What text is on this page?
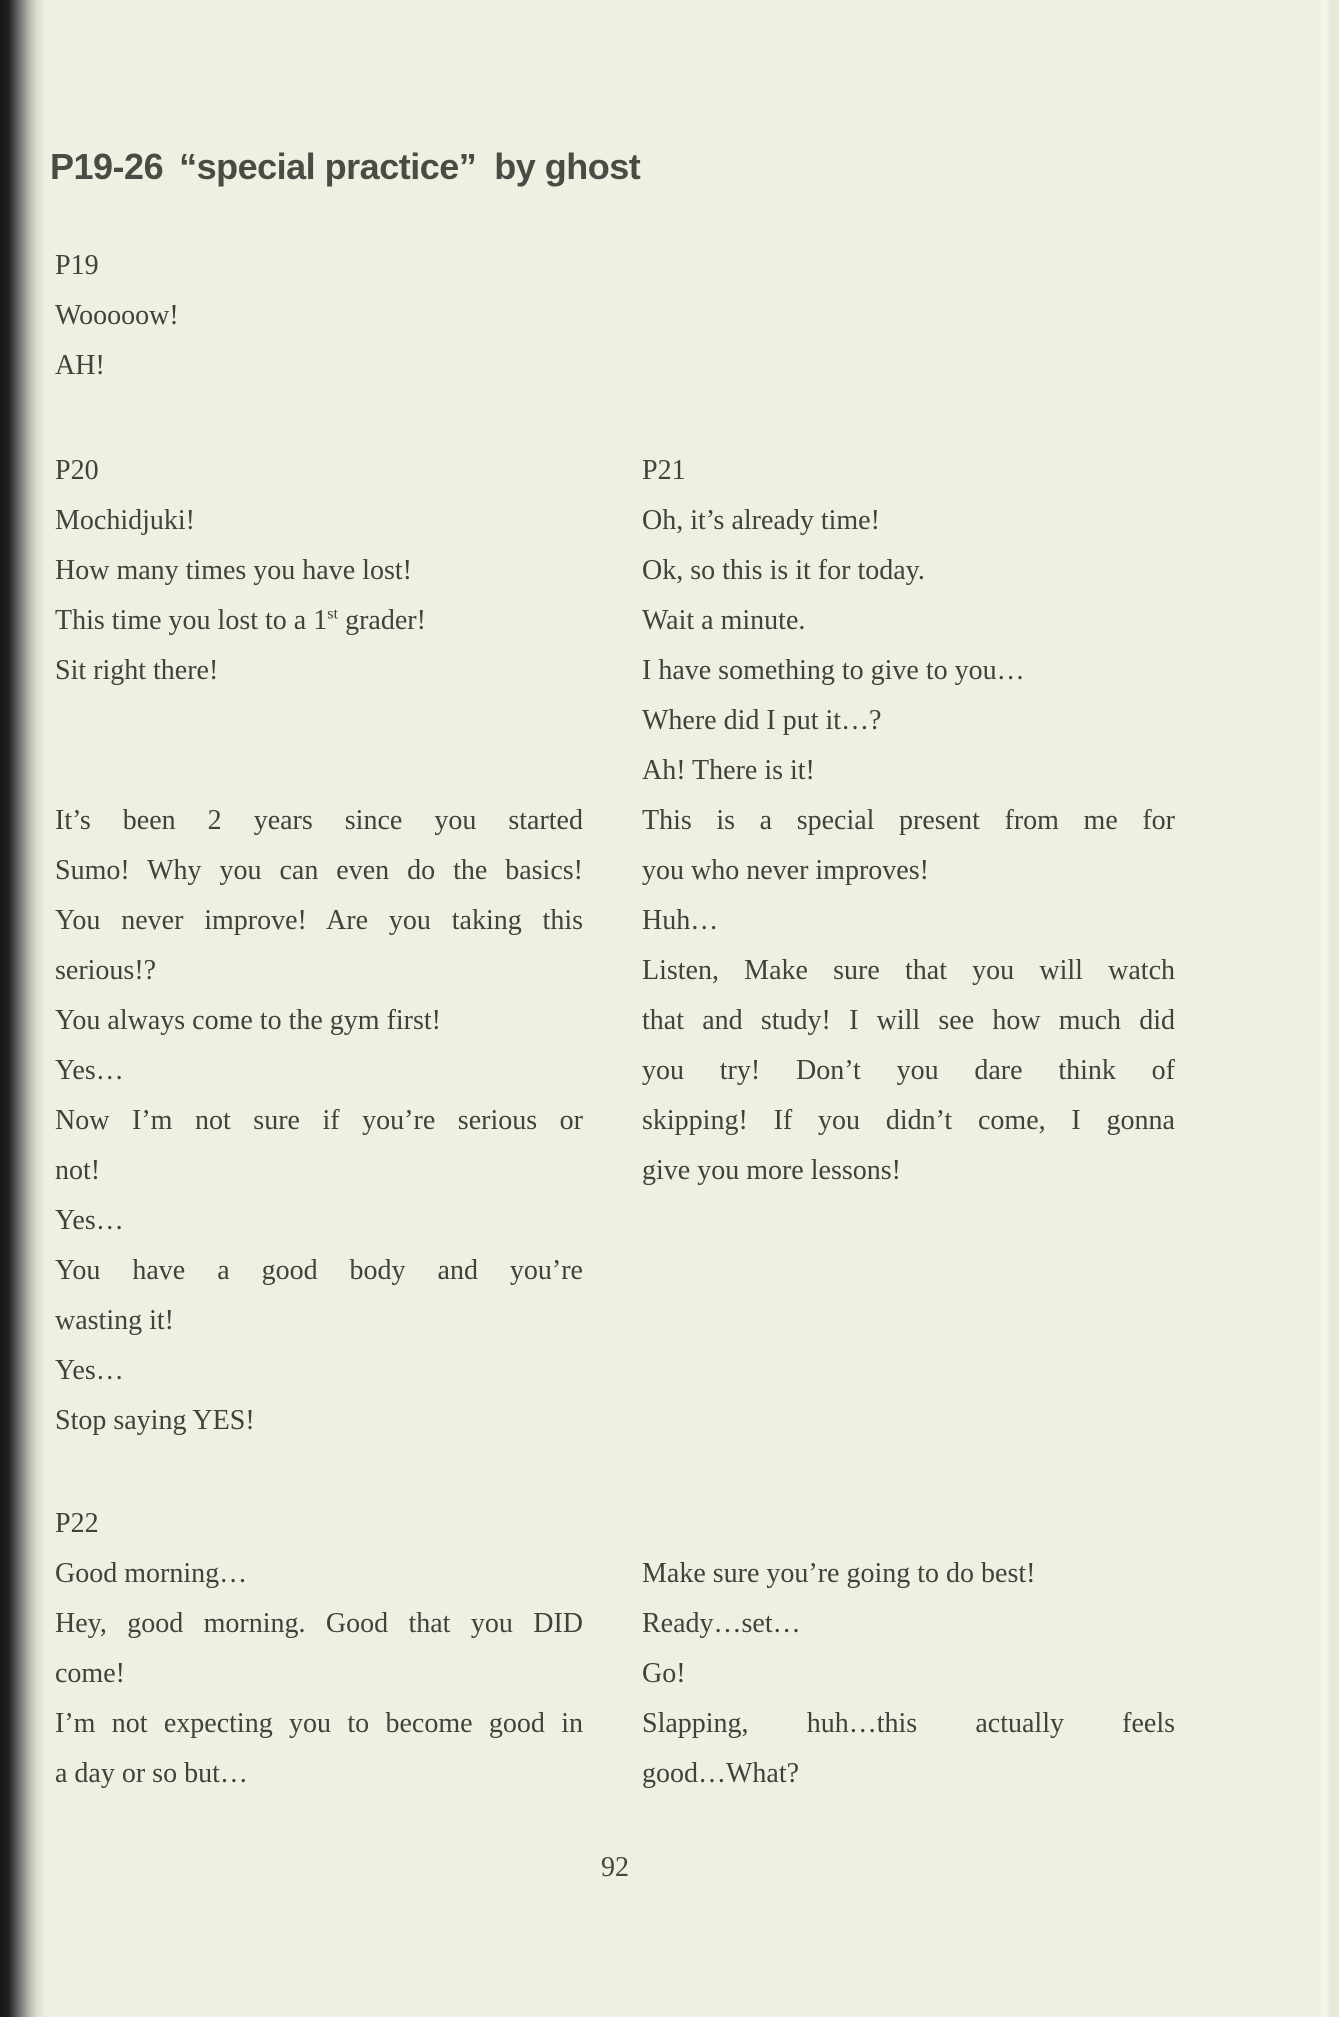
P19-26 “special practice” by ghost
P19
Wooooow!
AH!
P20
Mochidjuki!
How many times you have lost!
This time you lost to a 1st grader!
Sit right there!
It’s been 2 years since you started
Sumo! Why you can even do the basics!
You never improve! Are you taking this
serious!?
You always come to the gym first!
Yes…
Now I’m not sure if you’re serious or
not!
Yes…
You have a good body and you’re
wasting it!
Yes…
Stop saying YES!
P21
Oh, it’s already time!
Ok, so this is it for today.
Wait a minute.
I have something to give to you…
Where did I put it…?
Ah! There is it!
This is a special present from me for
you who never improves!
Huh…
Listen, Make sure that you will watch
that and study! I will see how much did
you try! Don’t you dare think of
skipping! If you didn’t come, I gonna
give you more lessons!
P22
Good morning…
Hey, good morning. Good that you DID
come!
I’m not expecting you to become good in
a day or so but…
Make sure you’re going to do best!
Ready…set…
Go!
Slapping, huh…this actually feels
good…What?
92
